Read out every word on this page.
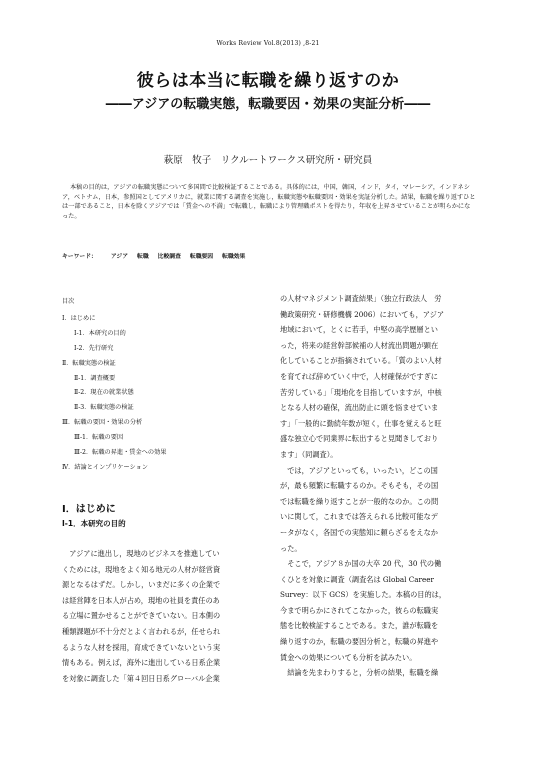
Works Review Vol.8(2013) ,8-21
彼らは本当に転職を繰り返すのか
――アジアの転職実態，転職要因・効果の実証分析――
萩原　牧子　リクルートワークス研究所・研究員

本稿の目的は，アジアの転職実態について多国間で比較検証することである。具体的には，中国，韓国，インド，タイ，マレーシア，インドネシア，ベトナム，日本，参照国としてアメリカに，就業に関する調査を実施し，転職実態や転職要因・効果を実証分析した。結果，転職を繰り返すひとは一部であること，日本を除くアジアでは「賃金への不満」で転職し，転職により管理職ポストを得たり，年収を上昇させていることが明らかになった。

キーワード： アジア 転職 比較調査 転職要因 転職効果
目次
Ⅰ．はじめに
Ⅰ-1．本研究の目的
Ⅰ-2．先行研究
Ⅱ．転職実態の検証
Ⅱ-1．調査概要
Ⅱ-2．現在の就業状態
Ⅱ-3．転職実態の検証
Ⅲ．転職の要因・効果の分析
Ⅲ-1．転職の要因
Ⅲ-2．転職の昇進・賃金への効果
Ⅳ．結論とインプリケーション
Ⅰ．はじめに
Ⅰ-1．本研究の目的
　アジアに進出し，現地のビジネスを推進してい
くためには，現地をよく知る地元の人材が経営資
源となるはずだ。しかし，いまだに多くの企業で
は経営陣を日本人が占め，現地の社員を責任のあ
る立場に置かせることができていない。日本側の
種類課題が不十分だとよく言われるが，任せられ
るような人材を採用，育成できていないという実
情もある。例えば，海外に進出している日系企業
を対象に調査した「第４回日日系グローバル企業
の人材マネジメント調査結果」（独立行政法人　労
働政策研究・研修機構 2006）においても，アジア
地域において，とくに若手，中堅の高学歴層とい
った，将来の経営幹部候補の人材流出問題が顕在
化していることが指摘されている。「質のよい人材
を育てれば辞めていく中で，人材確保がですぎに
苦労している」「現地化を目指していますが，中核
となる人材の確保，流出防止に頭を悩ませていま
す」「一般的に勤続年数が短く，仕事を覚えると旺
盛な独立心で同業界に転出すると見聞きしており
ます」（同調査）。
　では，アジアといっても，いったい，どこの国
が，最も頻繁に転職するのか。そもそも，その国
では転職を繰り返すことが一般的なのか。この問
いに関して，これまでは答えられる比較可能なデ
ータがなく，各国での実態知に頼らざるをえなか
った。
　そこで，アジア８か国の大卒 20 代，30 代の働
くひとを対象に調査（調査名は Global Career
Survey：以下 GCS）を実施した。本稿の目的は，
今まで明らかにされてこなかった，彼らの転職実
態を比較検証することである。また，誰が転職を
繰り返すのか，転職の要因分析と，転職の昇進や
賃金への効果についても分析を試みたい。
　結論を先まわりすると，分析の結果，転職を繰
